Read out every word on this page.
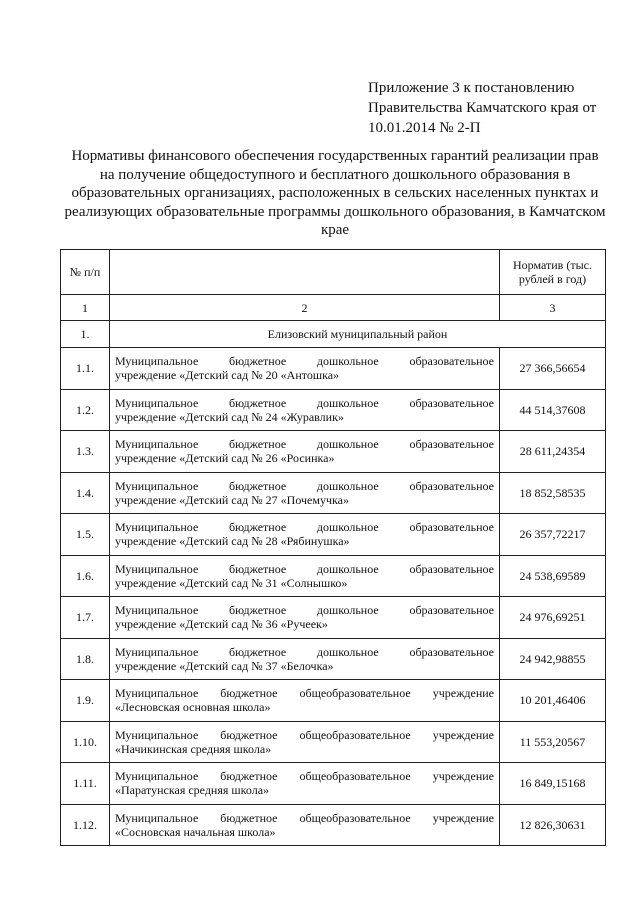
Приложение 3 к постановлению
Правительства Камчатского края от
10.01.2014 № 2-П
Нормативы финансового обеспечения государственных гарантий реализации прав
на получение общедоступного и бесплатного дошкольного образования в
образовательных организациях, расположенных в сельских населенных пунктах и
реализующих образовательные программы дошкольного образования, в Камчатском
крае
№ п/п		Норматив (тыс. рублей в год)
1	2	3
1.	Елизовский муниципальный район	
1.1.	Муниципальное бюджетное дошкольное образовательное
учреждение «Детский сад № 20 «Антошка»	27 366,56654
1.2.	Муниципальное бюджетное дошкольное образовательное
учреждение «Детский сад № 24 «Журавлик»	44 514,37608
1.3.	Муниципальное бюджетное дошкольное образовательное
учреждение «Детский сад № 26 «Росинка»	28 611,24354
1.4.	Муниципальное бюджетное дошкольное образовательное
учреждение «Детский сад № 27 «Почемучка»	18 852,58535
1.5.	Муниципальное бюджетное дошкольное образовательное
учреждение «Детский сад № 28 «Рябинушка»	26 357,72217
1.6.	Муниципальное бюджетное дошкольное образовательное
учреждение «Детский сад № 31 «Солнышко»	24 538,69589
1.7.	Муниципальное бюджетное дошкольное образовательное
учреждение «Детский сад № 36 «Ручеек»	24 976,69251
1.8.	Муниципальное бюджетное дошкольное образовательное
учреждение «Детский сад № 37 «Белочка»	24 942,98855
1.9.	Муниципальное бюджетное общеобразовательное учреждение
«Лесновская основная школа»	10 201,46406
1.10.	Муниципальное бюджетное общеобразовательное учреждение
«Начикинская средняя школа»	11 553,20567
1.11.	Муниципальное бюджетное общеобразовательное учреждение
«Паратунская средняя школа»	16 849,15168
1.12.	Муниципальное бюджетное общеобразовательное учреждение
«Сосновская начальная школа»	12 826,30631
